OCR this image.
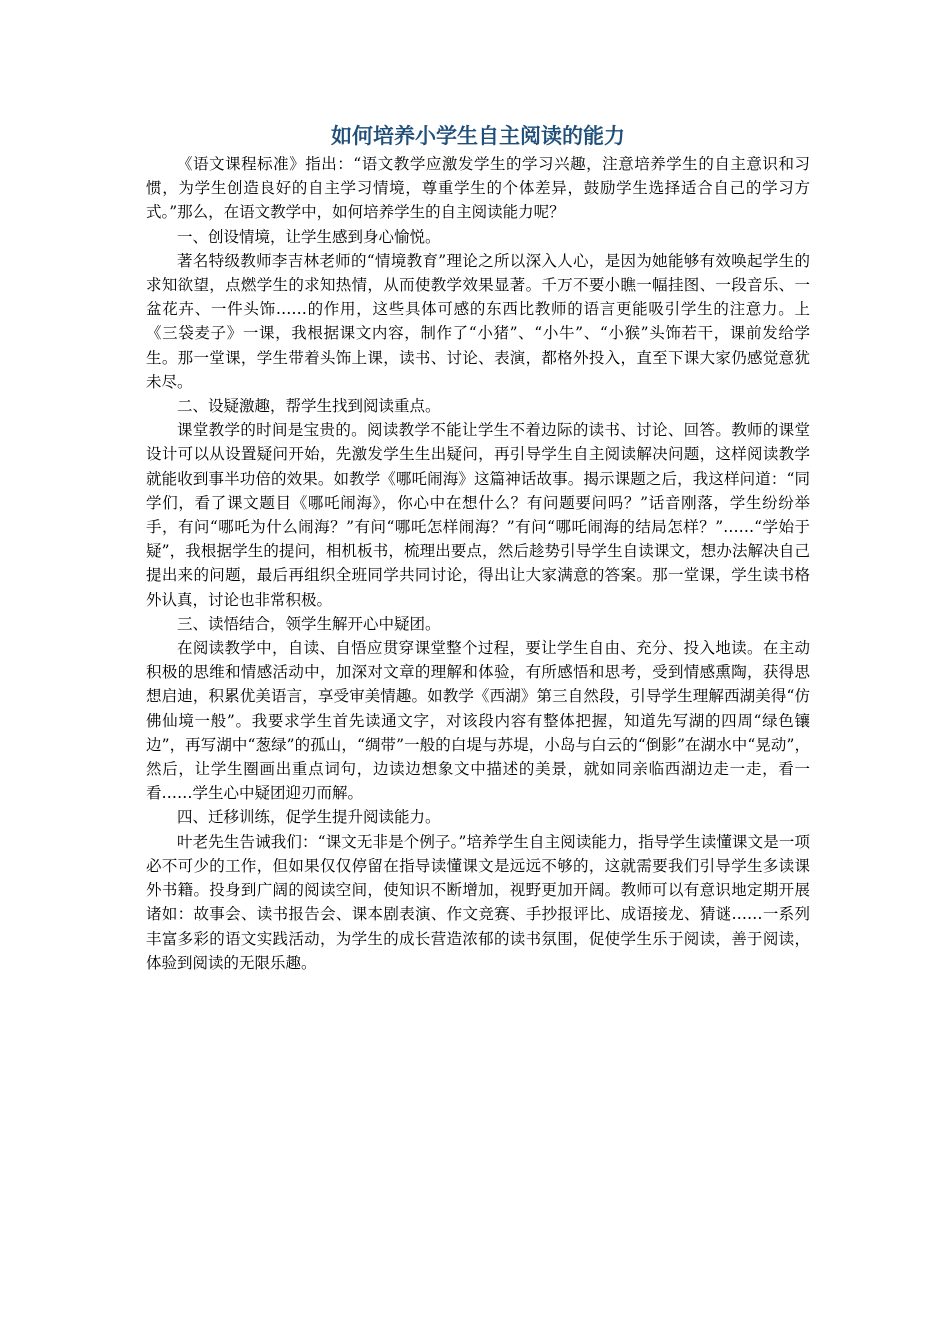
如何培养小学生自主阅读的能力

《语文课程标准》指出：“语文教学应激发学生的学习兴趣，注意培养学生的自主意识和习惯，为学生创造良好的自主学习情境，尊重学生的个体差异，鼓励学生选择适合自己的学习方式。”那么，在语文教学中，如何培养学生的自主阅读能力呢？

一、创设情境，让学生感到身心愉悦。

著名特级教师李吉林老师的“情境教育”理论之所以深入人心，是因为她能够有效唤起学生的求知欲望，点燃学生的求知热情，从而使教学效果显著。千万不要小瞧一幅挂图、一段音乐、一盆花卉、一件头饰……的作用，这些具体可感的东西比教师的语言更能吸引学生的注意力。上《三袋麦子》一课，我根据课文内容，制作了“小猪”、“小牛”、“小猴”头饰若干，课前发给学生。那一堂课，学生带着头饰上课，读书、讨论、表演，都格外投入，直至下课大家仍感觉意犹未尽。

二、设疑激趣，帮学生找到阅读重点。

课堂教学的时间是宝贵的。阅读教学不能让学生不着边际的读书、讨论、回答。教师的课堂设计可以从设置疑问开始，先激发学生生出疑问，再引导学生自主阅读解决问题，这样阅读教学就能收到事半功倍的效果。如教学《哪吒闹海》这篇神话故事。揭示课题之后，我这样问道：“同学们，看了课文题目《哪吒闹海》，你心中在想什么？有问题要问吗？”话音刚落，学生纷纷举手，有问“哪吒为什么闹海？”有问“哪吒怎样闹海？”有问“哪吒闹海的结局怎样？”……“学始于疑”，我根据学生的提问，相机板书，梳理出要点，然后趁势引导学生自读课文，想办法解决自己提出来的问题，最后再组织全班同学共同讨论，得出让大家满意的答案。那一堂课，学生读书格外认真，讨论也非常积极。

三、读悟结合，领学生解开心中疑团。

在阅读教学中，自读、自悟应贯穿课堂整个过程，要让学生自由、充分、投入地读。在主动积极的思维和情感活动中，加深对文章的理解和体验，有所感悟和思考，受到情感熏陶，获得思想启迪，积累优美语言，享受审美情趣。如教学《西湖》第三自然段，引导学生理解西湖美得“仿佛仙境一般”。我要求学生首先读通文字，对该段内容有整体把握，知道先写湖的四周“绿色镶边”，再写湖中“葱绿”的孤山，“绸带”一般的白堤与苏堤，小岛与白云的“倒影”在湖水中“晃动”，然后，让学生圈画出重点词句，边读边想象文中描述的美景，就如同亲临西湖边走一走，看一看……学生心中疑团迎刃而解。

四、迁移训练，促学生提升阅读能力。

叶老先生告诫我们：“课文无非是个例子。”培养学生自主阅读能力，指导学生读懂课文是一项必不可少的工作，但如果仅仅停留在指导读懂课文是远远不够的，这就需要我们引导学生多读课外书籍。投身到广阔的阅读空间，使知识不断增加，视野更加开阔。教师可以有意识地定期开展诸如：故事会、读书报告会、课本剧表演、作文竞赛、手抄报评比、成语接龙、猜谜……一系列丰富多彩的语文实践活动，为学生的成长营造浓郁的读书氛围，促使学生乐于阅读，善于阅读，体验到阅读的无限乐趣。
